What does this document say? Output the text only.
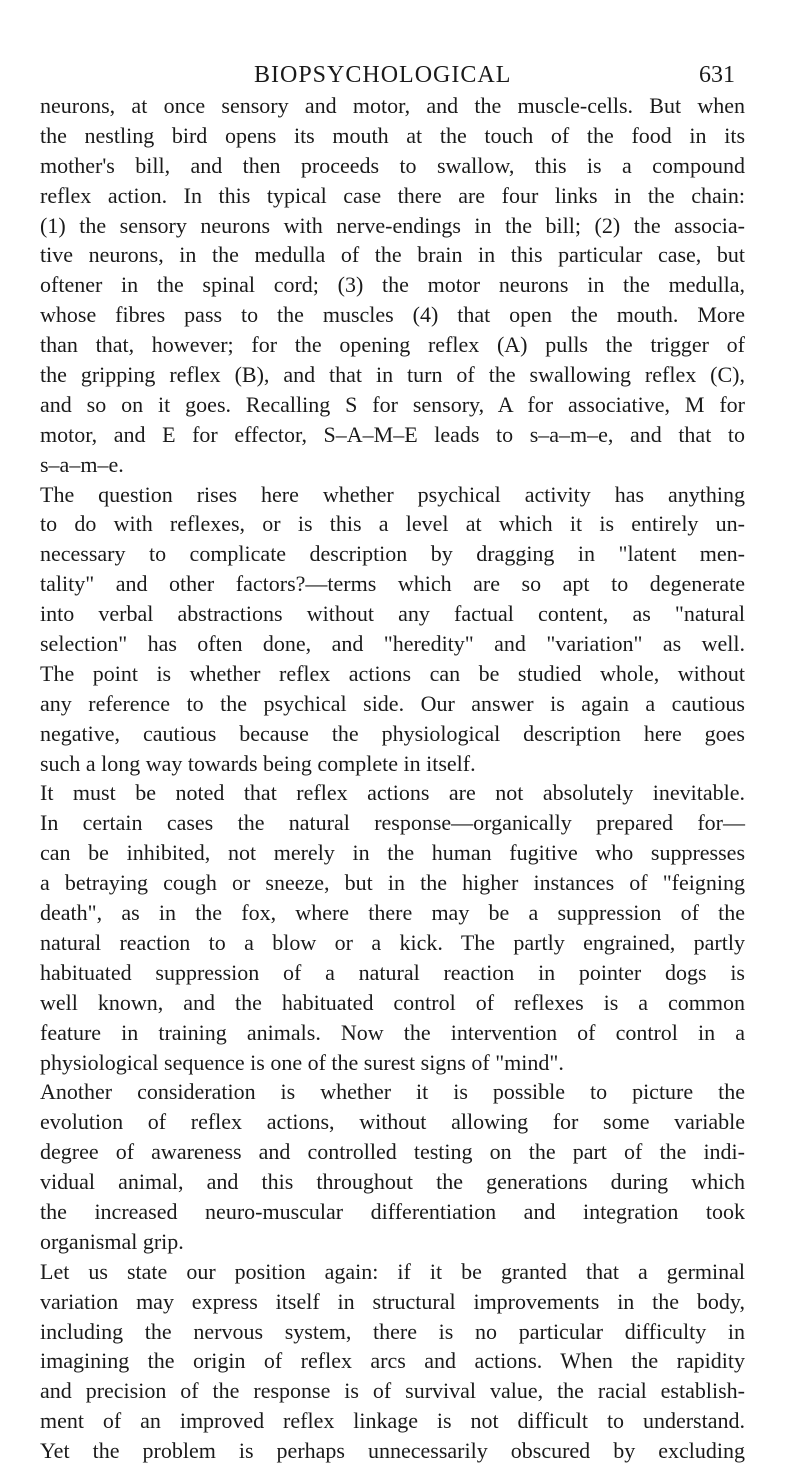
BIOPSYCHOLOGICAL	631
neurons, at once sensory and motor, and the muscle-cells. But when
the nestling bird opens its mouth at the touch of the food in its
mother's bill, and then proceeds to swallow, this is a compound
reflex action. In this typical case there are four links in the chain:
(1) the sensory neurons with nerve-endings in the bill; (2) the associa-
tive neurons, in the medulla of the brain in this particular case, but
oftener in the spinal cord; (3) the motor neurons in the medulla,
whose fibres pass to the muscles (4) that open the mouth. More
than that, however; for the opening reflex (A) pulls the trigger of
the gripping reflex (B), and that in turn of the swallowing reflex (C),
and so on it goes. Recalling S for sensory, A for associative, M for
motor, and E for effector, S–A–M–E leads to s–a–m–e, and that to
s–a–m–e.
The question rises here whether psychical activity has anything
to do with reflexes, or is this a level at which it is entirely un-
necessary to complicate description by dragging in "latent men-
tality" and other factors?—terms which are so apt to degenerate
into verbal abstractions without any factual content, as "natural
selection" has often done, and "heredity" and "variation" as well.
The point is whether reflex actions can be studied whole, without
any reference to the psychical side. Our answer is again a cautious
negative, cautious because the physiological description here goes
such a long way towards being complete in itself.
It must be noted that reflex actions are not absolutely inevitable.
In certain cases the natural response—organically prepared for—
can be inhibited, not merely in the human fugitive who suppresses
a betraying cough or sneeze, but in the higher instances of "feigning
death", as in the fox, where there may be a suppression of the
natural reaction to a blow or a kick. The partly engrained, partly
habituated suppression of a natural reaction in pointer dogs is
well known, and the habituated control of reflexes is a common
feature in training animals. Now the intervention of control in a
physiological sequence is one of the surest signs of "mind".
Another consideration is whether it is possible to picture the
evolution of reflex actions, without allowing for some variable
degree of awareness and controlled testing on the part of the indi-
vidual animal, and this throughout the generations during which
the increased neuro-muscular differentiation and integration took
organismal grip.
Let us state our position again: if it be granted that a germinal
variation may express itself in structural improvements in the body,
including the nervous system, there is no particular difficulty in
imagining the origin of reflex arcs and actions. When the rapidity
and precision of the response is of survival value, the racial establish-
ment of an improved reflex linkage is not difficult to understand.
Yet the problem is perhaps unnecessarily obscured by excluding
